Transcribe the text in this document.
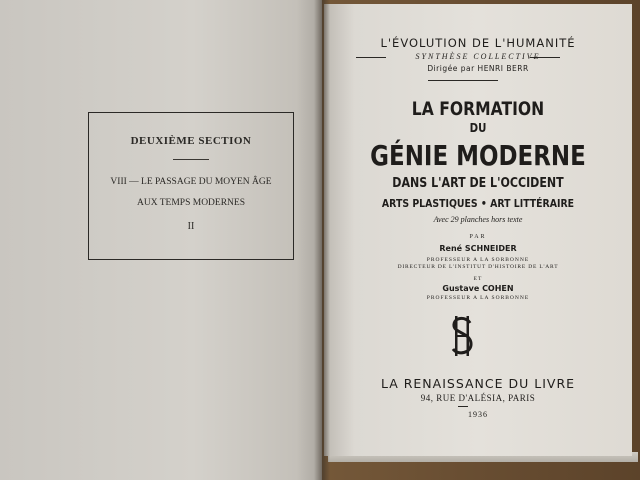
DEUXIÈME SECTION
VIII — LE PASSAGE DU MOYEN ÂGE
AUX TEMPS MODERNES
II
L'ÉVOLUTION DE L'HUMANITÉ
SYNTHÈSE COLLECTIVE
Dirigée par HENRI BERR
LA FORMATION
DU
GÉNIE MODERNE
DANS L'ART DE L'OCCIDENT
ARTS PLASTIQUES • ART LITTÉRAIRE
Avec 29 planches hors texte
PAR
René SCHNEIDER
PROFESSEUR A LA SORBONNE
DIRECTEUR DE L'INSTITUT D'HISTOIRE DE L'ART
ET
Gustave COHEN
PROFESSEUR A LA SORBONNE
LA RENAISSANCE DU LIVRE
94, RUE D'ALÉSIA, PARIS
1936
